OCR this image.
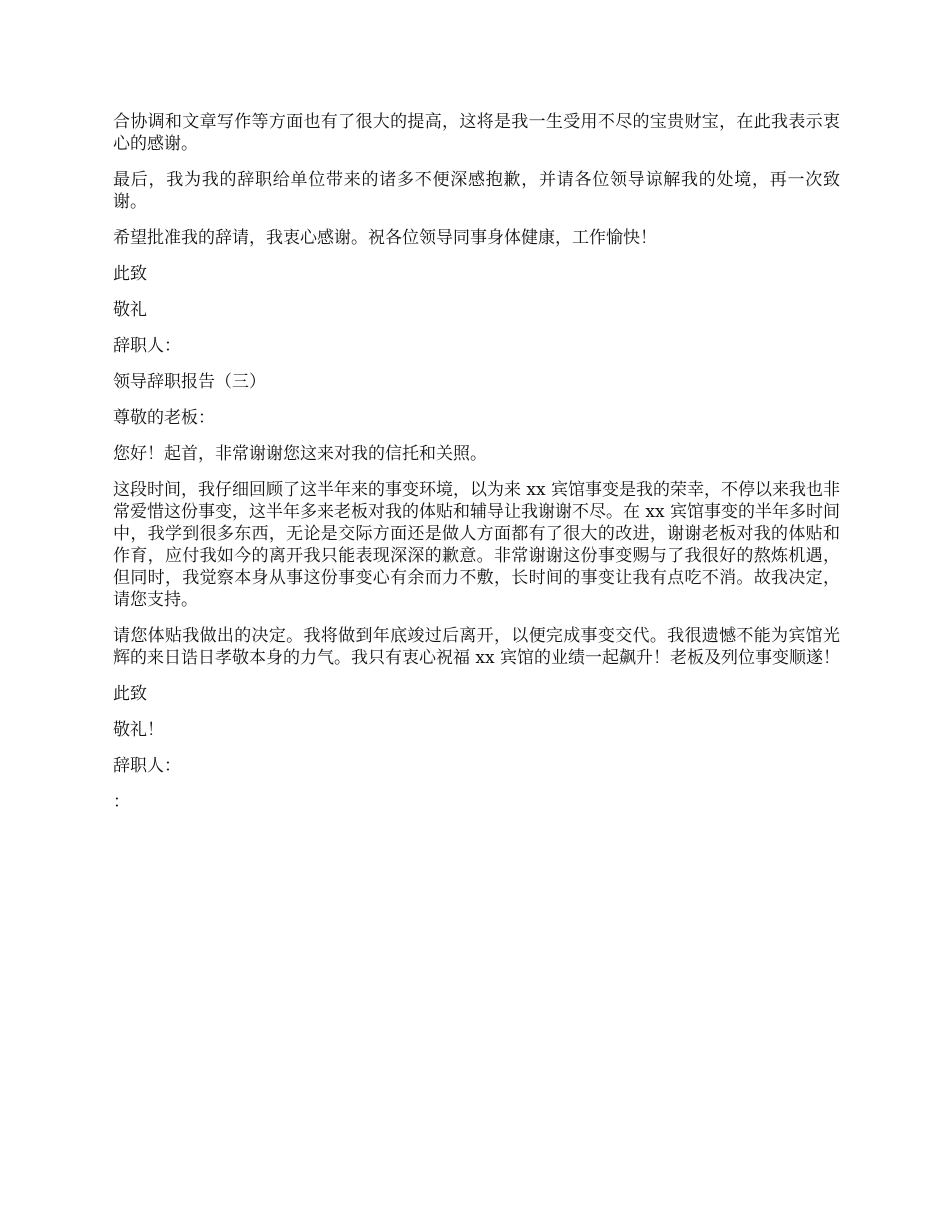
合协调和文章写作等方面也有了很大的提高，这将是我一生受用不尽的宝贵财宝，在此我表示衷心的感谢。

最后，我为我的辞职给单位带来的诸多不便深感抱歉，并请各位领导谅解我的处境，再一次致谢。

希望批准我的辞请，我衷心感谢。祝各位领导同事身体健康，工作愉快！

此致

敬礼

辞职人：

领导辞职报告（三）

尊敬的老板：

您好！起首，非常谢谢您这来对我的信托和关照。

这段时间，我仔细回顾了这半年来的事变环境，以为来 xx 宾馆事变是我的荣幸，不停以来我也非常爱惜这份事变，这半年多来老板对我的体贴和辅导让我谢谢不尽。在 xx 宾馆事变的半年多时间中，我学到很多东西，无论是交际方面还是做人方面都有了很大的改进，谢谢老板对我的体贴和作育，应付我如今的离开我只能表现深深的歉意。非常谢谢这份事变赐与了我很好的熬炼机遇，但同时，我觉察本身从事这份事变心有余而力不敷，长时间的事变让我有点吃不消。故我决定，请您支持。

请您体贴我做出的决定。我将做到年底竣过后离开，以便完成事变交代。我很遗憾不能为宾馆光辉的来日诰日孝敬本身的力气。我只有衷心祝福 xx 宾馆的业绩一起飙升！老板及列位事变顺遂！

此致

敬礼！

辞职人：

：
